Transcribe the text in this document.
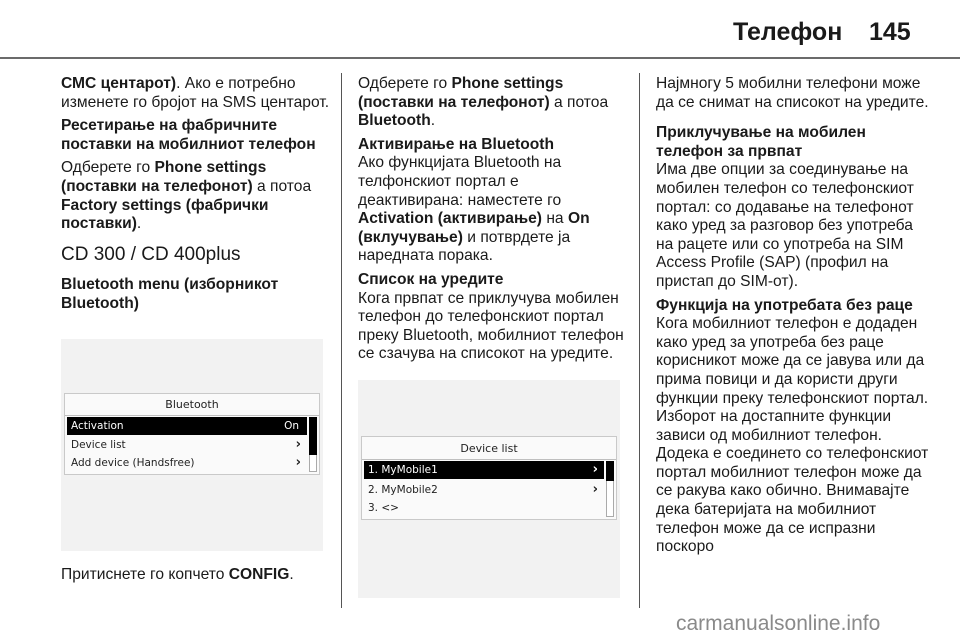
Телефон 145

СМС центарот). Ако е потребно изменете го бројот на SMS центарот.

Ресетирање на фабричните поставки на мобилниот телефон

Одберете го Phone settings (поставки на телефонот) а потоа Factory settings (фабрички поставки).

CD 300 / CD 400plus

Bluetooth menu (изборникот Bluetooth)

Bluetooth
Activation	On
Device list	›
Add device (Handsfree)	›

Притиснете го копчето CONFIG.

Одберете го Phone settings (поставки на телефонот) а потоа Bluetooth.

Активирање на Bluetooth

Ако функцијата Bluetooth на телфонскиот портал е деактивирана: наместете го Activation (активирање) на On (вклучување) и потврдете ја наредната порака.

Список на уредите

Кога првпат се приклучува мобилен телефон до телефонскиот портал преку Bluetooth, мобилниот телефон се сзачува на списокот на уредите.

Device list
1. MyMobile1	›
2. MyMobile2	›
3. <>

Најмногу 5 мобилни телефони може да се снимат на списокот на уредите.

Приклучување на мобилен телефон за првпат

Има две опции за соединување на мобилен телефон со телефонскиот портал: со додавање на телефонот како уред за разговор без употреба на рацете или со употреба на SIM Access Profile (SAP) (профил на пристап до SIM-от).

Функција на употребата без раце

Кога мобилниот телефон е додаден како уред за употреба без раце корисникот може да се јавува или да прима повици и да користи други функции преку телефонскиот портал. Изборот на достапните функции зависи од мобилниот телефон. Додека е соединето со телефонскиот портал мобилниот телефон може да се ракува како обично. Внимавајте дека батеријата на мобилниот телефон може да се испразни поскоро

carmanualsonline.info
